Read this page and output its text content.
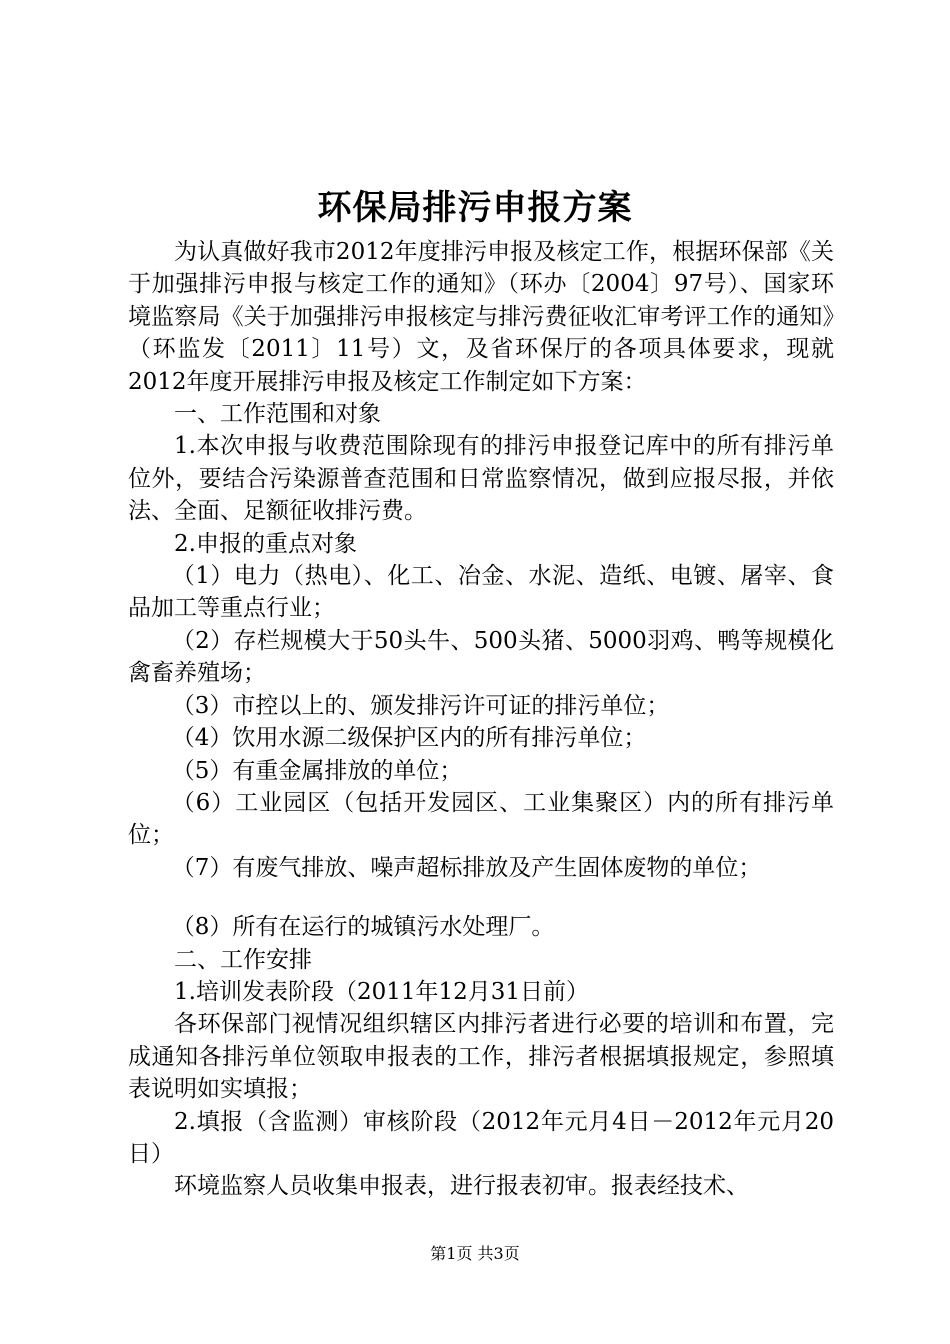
环保局排污申报方案

为认真做好我市2012年度排污申报及核定工作，根据环保部《关于加强排污申报与核定工作的通知》（环办〔2004〕97号）、国家环境监察局《关于加强排污申报核定与排污费征收汇审考评工作的通知》（环监发〔2011〕11号）文，及省环保厅的各项具体要求，现就2012年度开展排污申报及核定工作制定如下方案：

一、工作范围和对象

1.本次申报与收费范围除现有的排污申报登记库中的所有排污单位外，要结合污染源普查范围和日常监察情况，做到应报尽报，并依法、全面、足额征收排污费。

2.申报的重点对象

（1）电力（热电）、化工、冶金、水泥、造纸、电镀、屠宰、食品加工等重点行业；

（2）存栏规模大于50头牛、500头猪、5000羽鸡、鸭等规模化禽畜养殖场；

（3）市控以上的、颁发排污许可证的排污单位；

（4）饮用水源二级保护区内的所有排污单位；

（5）有重金属排放的单位；

（6）工业园区（包括开发园区、工业集聚区）内的所有排污单位；

（7）有废气排放、噪声超标排放及产生固体废物的单位；

（8）所有在运行的城镇污水处理厂。

二、工作安排

1.培训发表阶段（2011年12月31日前）

各环保部门视情况组织辖区内排污者进行必要的培训和布置，完成通知各排污单位领取申报表的工作，排污者根据填报规定，参照填表说明如实填报；

2.填报（含监测）审核阶段（2012年元月4日－2012年元月20日）

环境监察人员收集申报表，进行报表初审。报表经技术、

第1页 共3页
